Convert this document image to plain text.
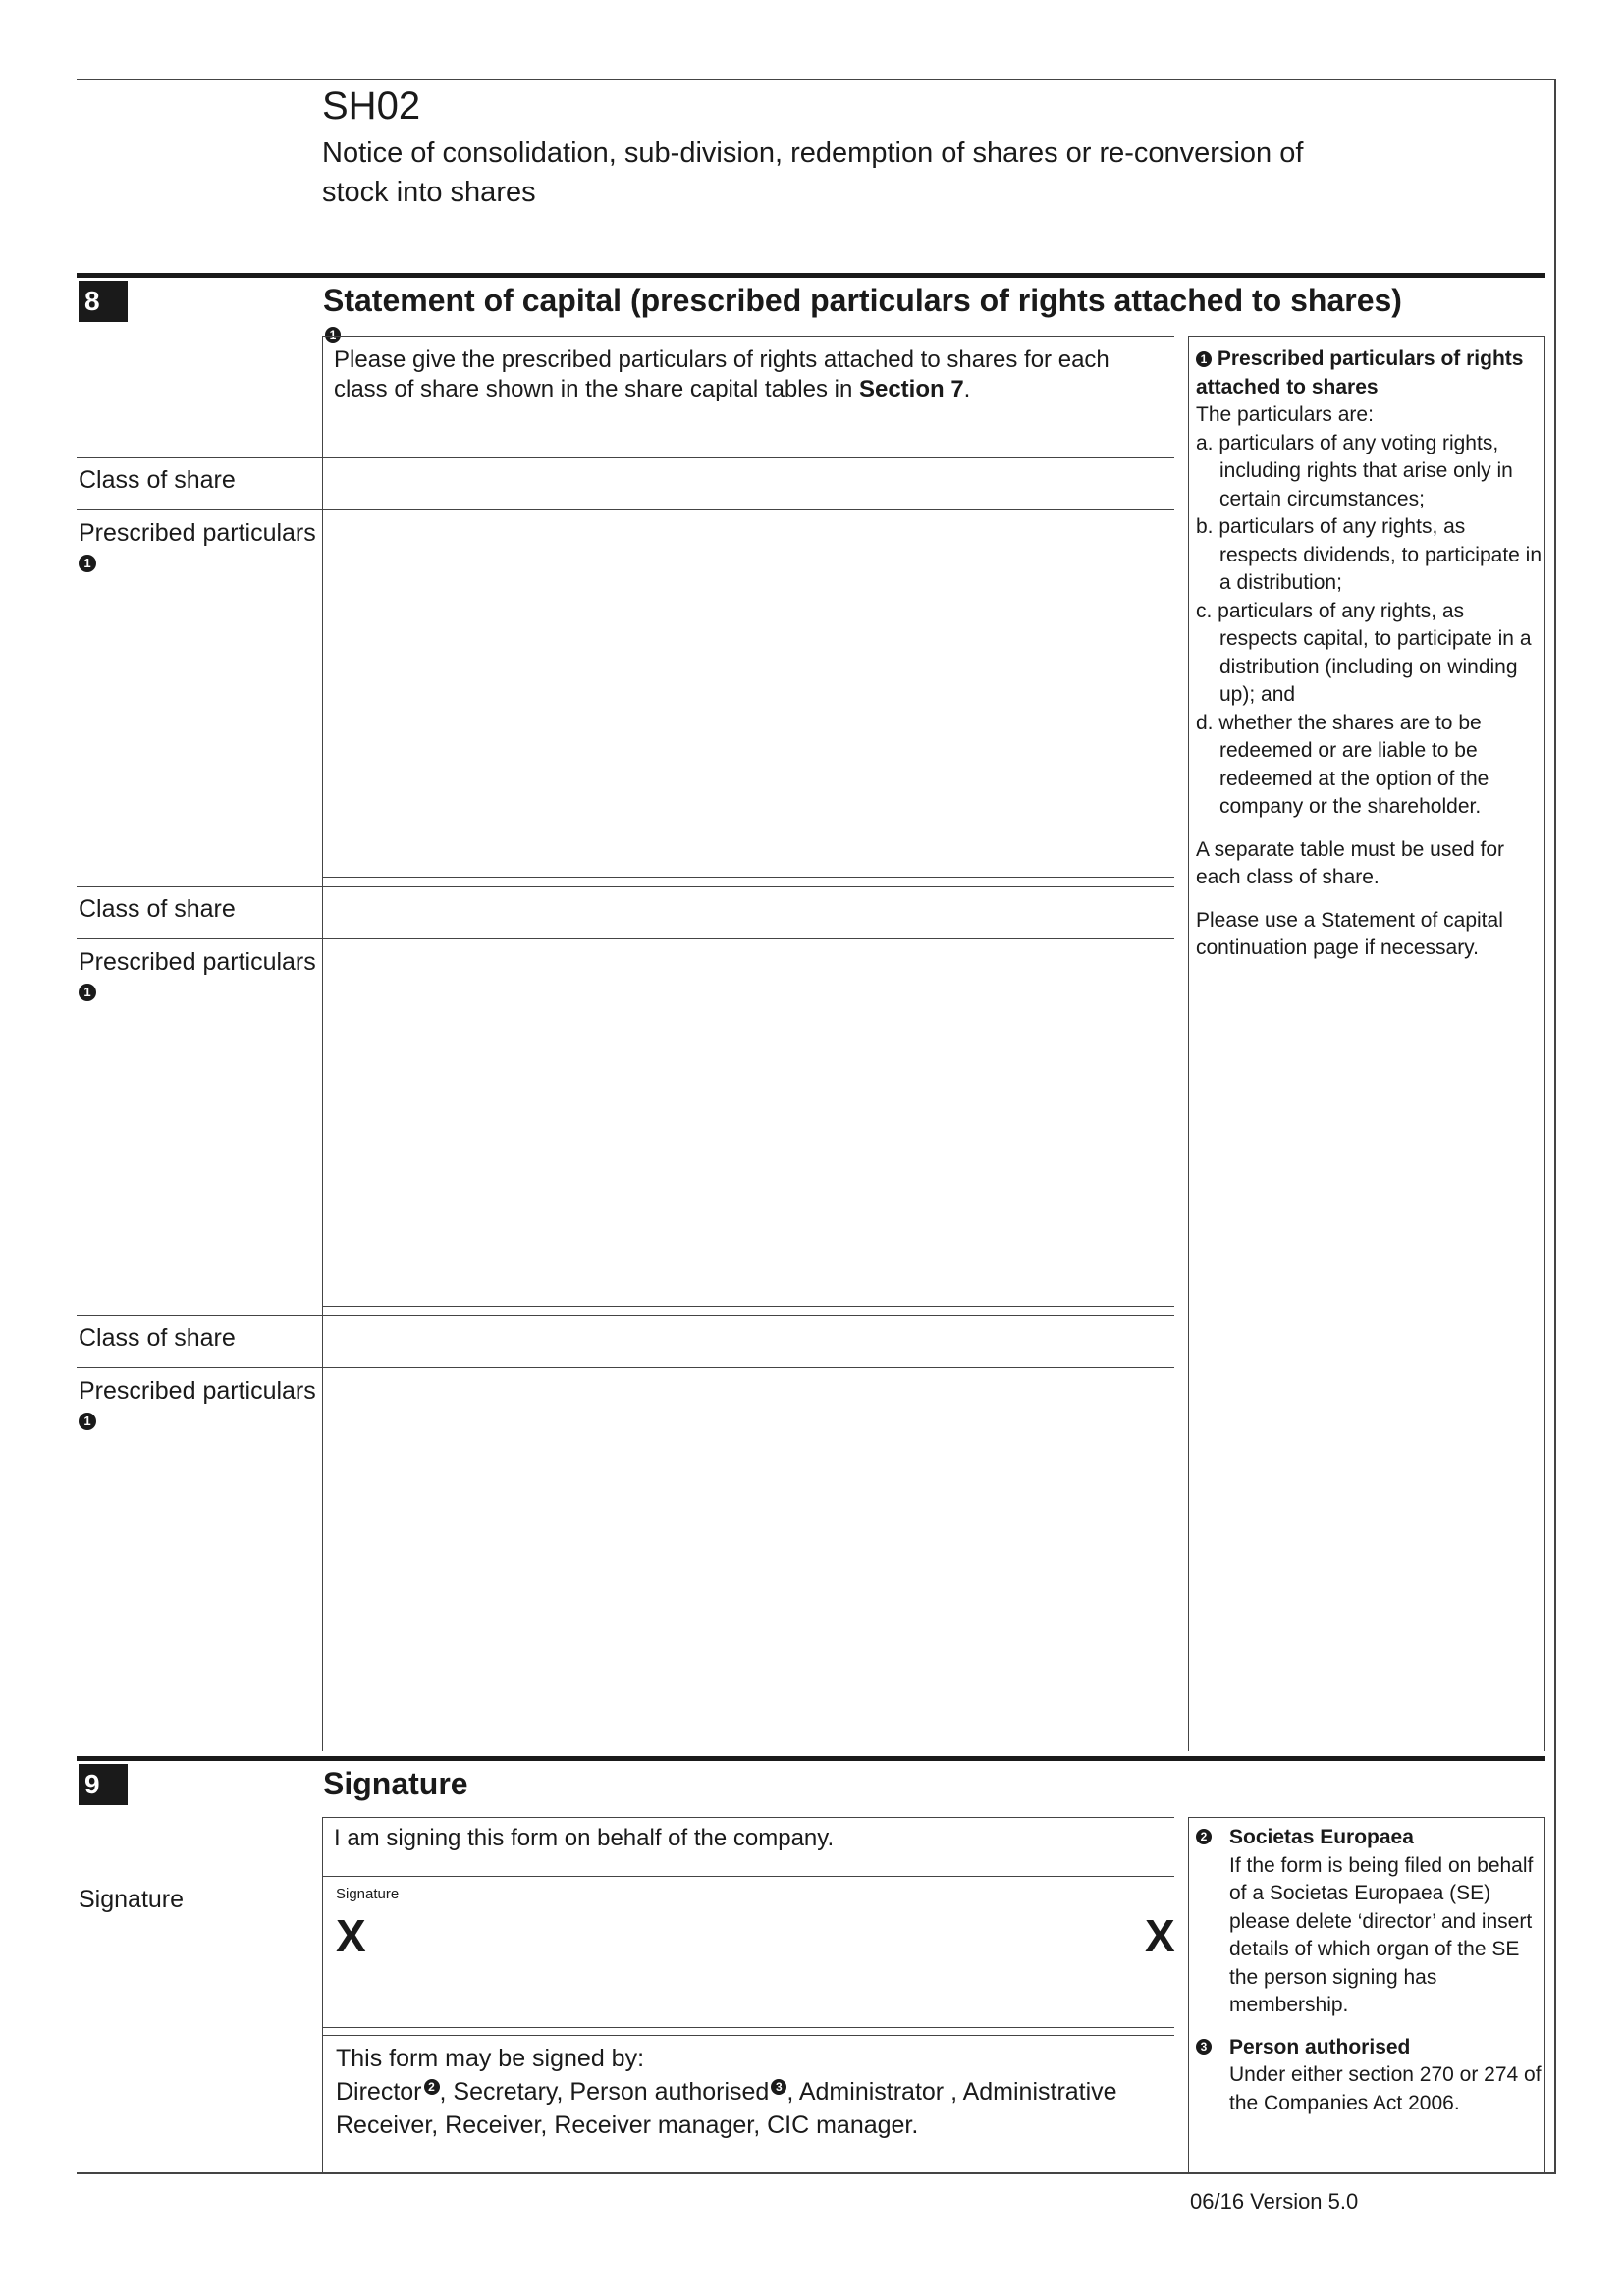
SH02
Notice of consolidation, sub-division, redemption of shares or re-conversion of stock into shares
8	Statement of capital (prescribed particulars of rights attached to shares)
Please give the prescribed particulars of rights attached to shares for each class of share shown in the share capital tables in Section 7.
Class of share
Prescribed particulars
1
Class of share
Prescribed particulars
1
Class of share
Prescribed particulars
1
1 Prescribed particulars of rights attached to shares
The particulars are:
a. particulars of any voting rights, including rights that arise only in certain circumstances;
b. particulars of any rights, as respects dividends, to participate in a distribution;
c. particulars of any rights, as respects capital, to participate in a distribution (including on winding up); and
d. whether the shares are to be redeemed or are liable to be redeemed at the option of the company or the shareholder.
A separate table must be used for each class of share.
Please use a Statement of capital continuation page if necessary.
9	Signature
I am signing this form on behalf of the company.
Signature	Signature
X	X
This form may be signed by:
Director 2 , Secretary, Person authorised 3 , Administrator , Administrative Receiver, Receiver, Receiver manager, CIC manager.
2 Societas Europaea
If the form is being filed on behalf of a Societas Europaea (SE) please delete ‘director’ and insert details of which organ of the SE the person signing has membership.
3 Person authorised
Under either section 270 or 274 of the Companies Act 2006.
06/16 Version 5.0
